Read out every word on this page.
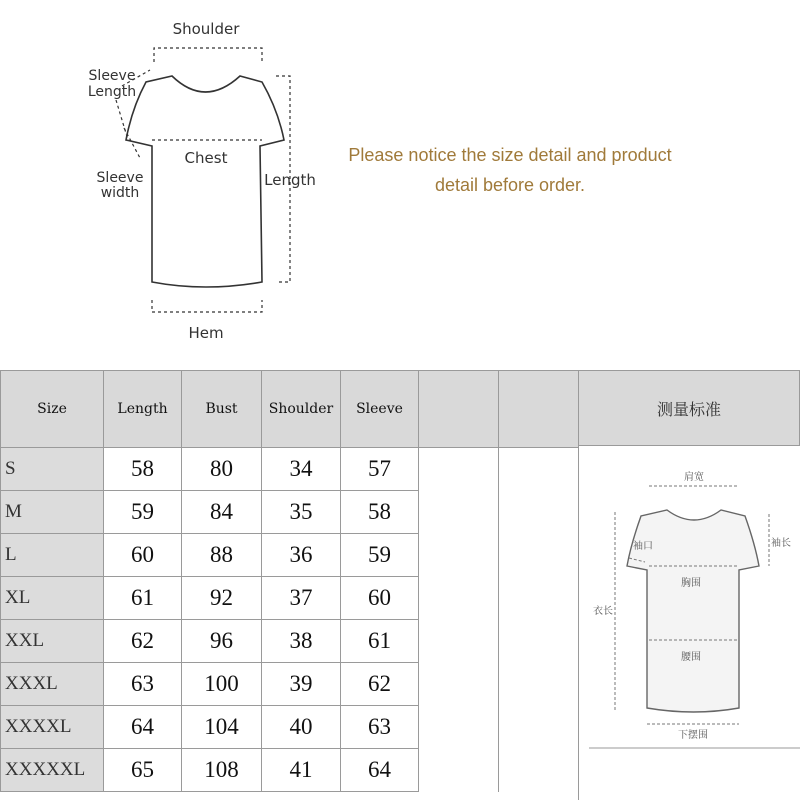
Shoulder
Chest
Sleeve
Length
Sleeve
width
Length
Hem
Please notice the size detail and product
detail before order.
Size	Length	Bust	Shoulder	Sleeve		
S	58	80	34	57		
M	59	84	35	58		
L	60	88	36	59		
XL	61	92	37	60		
XXL	62	96	38	61		
XXXL	63	100	39	62		
XXXXL	64	104	40	63		
XXXXXL	65	108	41	64		
测量标准
肩宽
袖口	袖长
胸围
衣长
腰围
下摆围
